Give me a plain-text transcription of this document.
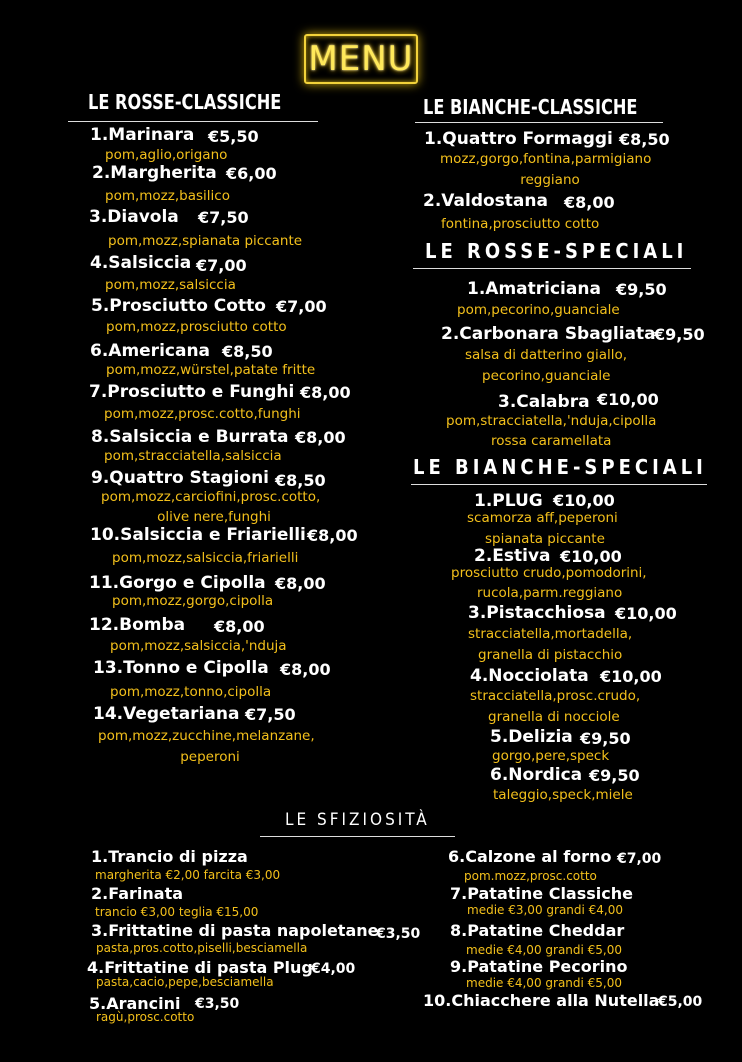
MENU
LE ROSSE-CLASSICHE
1.Marinara €5,50
pom,aglio,origano
2.Margherita €6,00
pom,mozz,basilico
3.Diavola €7,50
pom,mozz,spianata piccante
4.Salsiccia €7,00
pom,mozz,salsiccia
5.Prosciutto Cotto €7,00
pom,mozz,prosciutto cotto
6.Americana €8,50
pom,mozz,würstel,patate fritte
7.Prosciutto e Funghi €8,00
pom,mozz,prosc.cotto,funghi
8.Salsiccia e Burrata €8,00
pom,stracciatella,salsiccia
9.Quattro Stagioni €8,50
pom,mozz,carciofini,prosc.cotto,
olive nere,funghi
10.Salsiccia e Friarielli €8,00
pom,mozz,salsiccia,friarielli
11.Gorgo e Cipolla €8,00
pom,mozz,gorgo,cipolla
12.Bomba €8,00
pom,mozz,salsiccia,'nduja
13.Tonno e Cipolla €8,00
pom,mozz,tonno,cipolla
14.Vegetariana €7,50
pom,mozz,zucchine,melanzane,
peperoni
LE BIANCHE-CLASSICHE
1.Quattro Formaggi €8,50
mozz,gorgo,fontina,parmigiano
reggiano
2.Valdostana €8,00
fontina,prosciutto cotto
LE ROSSE-SPECIALI
1.Amatriciana €9,50
pom,pecorino,guanciale
2.Carbonara Sbagliata
€9,50
salsa di datterino giallo,
pecorino,guanciale
3.Calabra €10,00
pom,stracciatella,'nduja,cipolla
rossa caramellata
LE BIANCHE-SPECIALI
1.PLUG €10,00
scamorza aff,peperoni
spianata piccante
2.Estiva €10,00
prosciutto crudo,pomodorini,
rucola,parm.reggiano
3.Pistacchiosa €10,00
stracciatella,mortadella,
granella di pistacchio
4.Nocciolata €10,00
stracciatella,prosc.crudo,
granella di nocciole
5.Delizia €9,50
gorgo,pere,speck
6.Nordica €9,50
taleggio,speck,miele
LE SFIZIOSITÀ
1.Trancio di pizza
margherita €2,00 farcita €3,00
2.Farinata
trancio €3,00 teglia €15,00
3.Frittatine di pasta napoletane
€3,50
pasta,pros.cotto,piselli,besciamella
4.Frittatine di pasta Plug
€4,00
pasta,cacio,pepe,besciamella
5.Arancini €3,50
ragù,prosc.cotto
6.Calzone al forno €7,00
pom.mozz,prosc.cotto
7.Patatine Classiche
medie €3,00 grandi €4,00
8.Patatine Cheddar
medie €4,00 grandi €5,00
9.Patatine Pecorino
medie €4,00 grandi €5,00
10.Chiacchere alla Nutella
€5,00
